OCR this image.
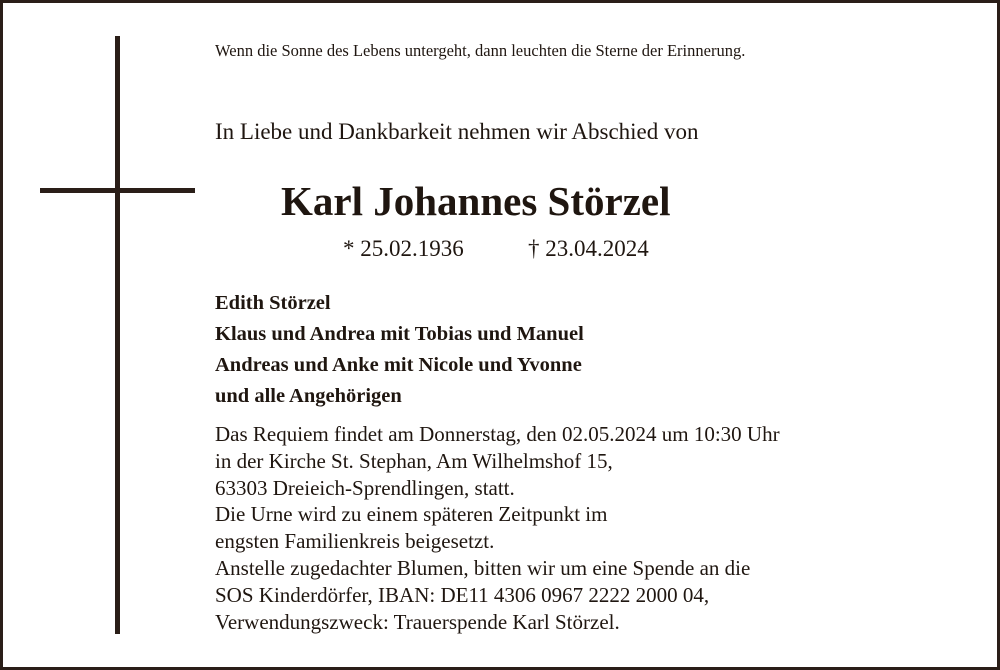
Wenn die Sonne des Lebens untergeht, dann leuchten die Sterne der Erinnerung.
In Liebe und Dankbarkeit nehmen wir Abschied von
Karl Johannes Störzel
* 25.02.1936	† 23.04.2024
Edith Störzel
Klaus und Andrea mit Tobias und Manuel
Andreas und Anke mit Nicole und Yvonne
und alle Angehörigen
Das Requiem findet am Donnerstag, den 02.05.2024 um 10:30 Uhr
in der Kirche St. Stephan, Am Wilhelmshof 15,
63303 Dreieich-Sprendlingen, statt.
Die Urne wird zu einem späteren Zeitpunkt im
engsten Familienkreis beigesetzt.
Anstelle zugedachter Blumen, bitten wir um eine Spende an die
SOS Kinderdörfer, IBAN: DE11 4306 0967 2222 2000 04,
Verwendungszweck: Trauerspende Karl Störzel.
